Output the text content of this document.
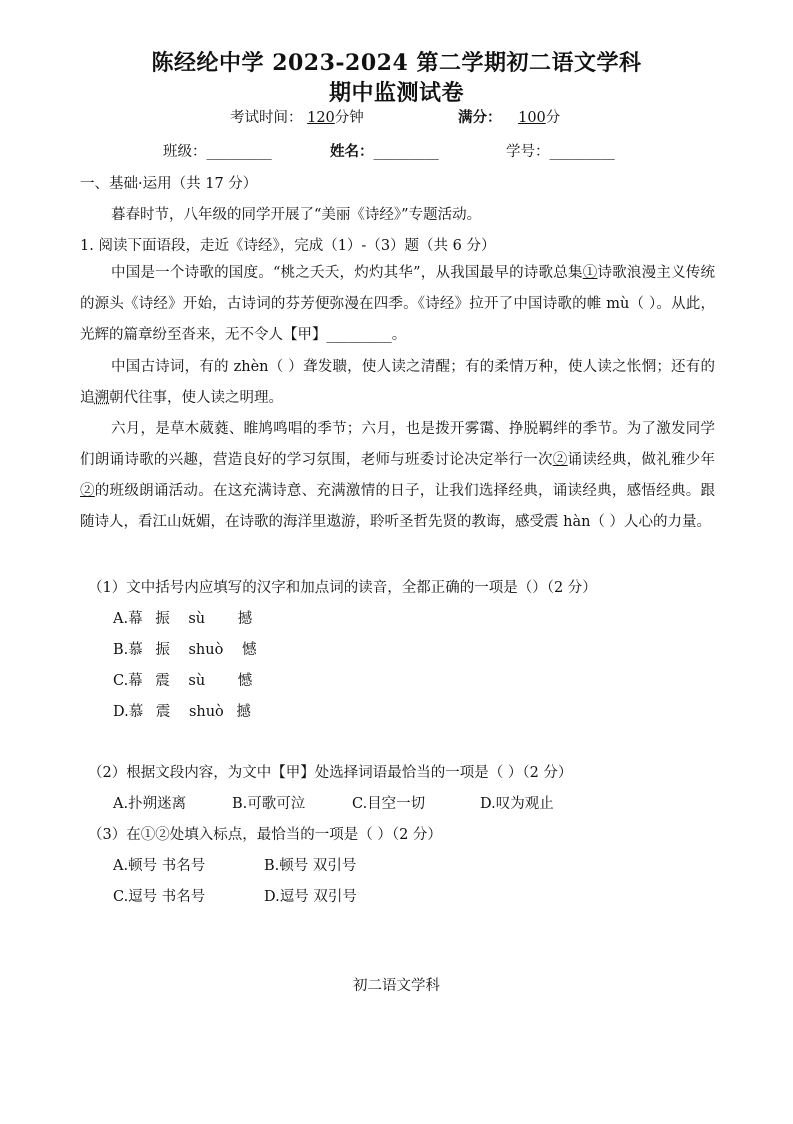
陈经纶中学 2023-2024 第二学期初二语文学科
期中监测试卷
考试时间： 120分钟	满分： 100分
班级：_________	姓名：_________	学号：_________
一、基础·运用（共 17 分）
暮春时节，八年级的同学开展了“美丽《诗经》”专题活动。
1. 阅读下面语段，走近《诗经》，完成（1）-（3）题（共 6 分）
中国是一个诗歌的国度。“桃之夭夭，灼灼其华”，从我国最早的诗歌总集①诗歌浪漫主义传统的源头《诗经》开始，古诗词的芬芳便弥漫在四季。《诗经》拉开了中国诗歌的帷 mù（ ）。从此，光辉的篇章纷至沓来，无不令人【甲】_________。
中国古诗词，有的 zhèn（ ）聋发聩，使人读之清醒；有的柔情万种，使人读之怅惘；还有的追溯朝代往事，使人读之明理。
六月，是草木葳蕤、睢鸠鸣唱的季节；六月，也是拨开雾霭、挣脱羁绊的季节。为了激发同学们朗诵诗歌的兴趣，营造良好的学习氛围，老师与班委讨论决定举行一次②诵读经典，做礼雅少年②的班级朗诵活动。在这充满诗意、充满激情的日子，让我们选择经典，诵读经典，感悟经典。跟随诗人，看江山妩媚，在诗歌的海洋里遨游，聆听圣哲先贤的教诲，感受震 hàn（ ）人心的力量。
（1）文中括号内应填写的汉字和加点词的读音，全都正确的一项是（）（2 分）
A.幕 振 sù 撼
B.慕 振 shuò 憾
C.幕 震 sù 憾
D.慕 震 shuò 撼
（2）根据文段内容，为文中【甲】处选择词语最恰当的一项是（ ）（2 分）
A.扑朔迷离	B.可歌可泣	C.目空一切	D.叹为观止
（3）在①②处填入标点，最恰当的一项是（ ）（2 分）
A.顿号 书名号	B.顿号 双引号
C.逗号 书名号	D.逗号 双引号
初二语文学科
